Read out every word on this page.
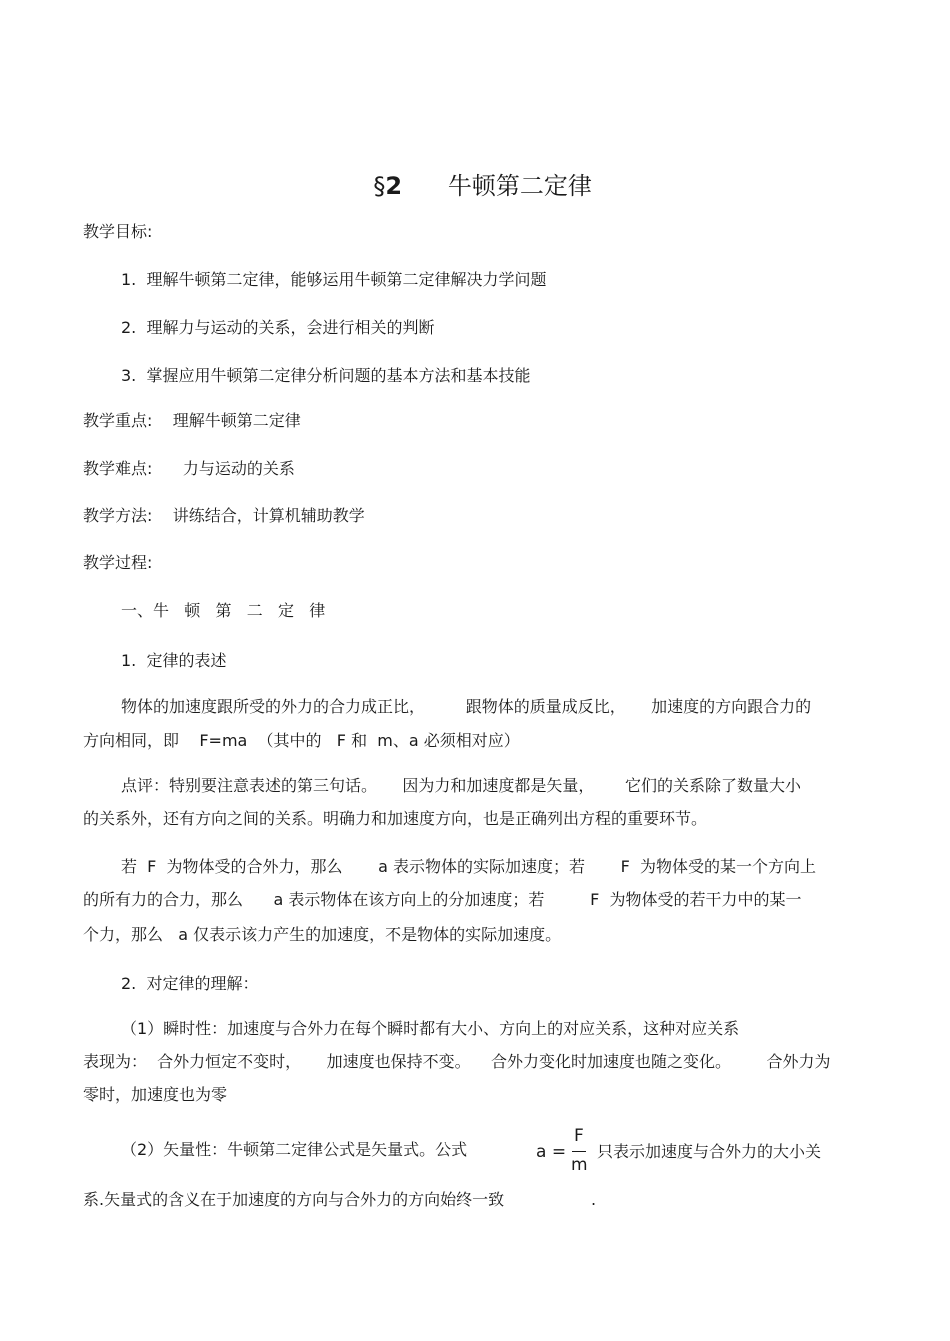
§2 牛顿第二定律

教学目标:
1.  理解牛顿第二定律，能够运用牛顿第二定律解决力学问题
2.  理解力与运动的关系，会进行相关的判断
3.  掌握应用牛顿第二定律分析问题的基本方法和基本技能
教学重点:    理解牛顿第二定律
教学难点:      力与运动的关系
教学方法:    讲练结合，计算机辅助教学
教学过程:
一、牛   顿   第   二   定   律
1.  定律的表述
物体的加速度跟所受的外力的合力成正比，        跟物体的质量成反比，     加速度的方向跟合力的
方向相同，即    F=ma  （其中的   F 和  m、a 必须相对应）
点评：特别要注意表述的第三句话。     因为力和加速度都是矢量，      它们的关系除了数量大小
的关系外，还有方向之间的关系。明确力和加速度方向，也是正确列出方程的重要环节。
若  F  为物体受的合外力，那么       a 表示物体的实际加速度；若       F  为物体受的某一个方向上
的所有力的合力，那么      a 表示物体在该方向上的分加速度；若         F  为物体受的若干力中的某一
个力，那么   a 仅表示该力产生的加速度，不是物体的实际加速度。
2.  对定律的理解：
（1）瞬时性：加速度与合外力在每个瞬时都有大小、方向上的对应关系，这种对应关系
表现为：  合外力恒定不变时，     加速度也保持不变。    合外力变化时加速度也随之变化。       合外力为
零时，加速度也为零
（2）矢量性：牛顿第二定律公式是矢量式。公式	a =
F
m
只表示加速度与合外力的大小关
系.矢量式的含义在于加速度的方向与合外力的方向始终一致	.
